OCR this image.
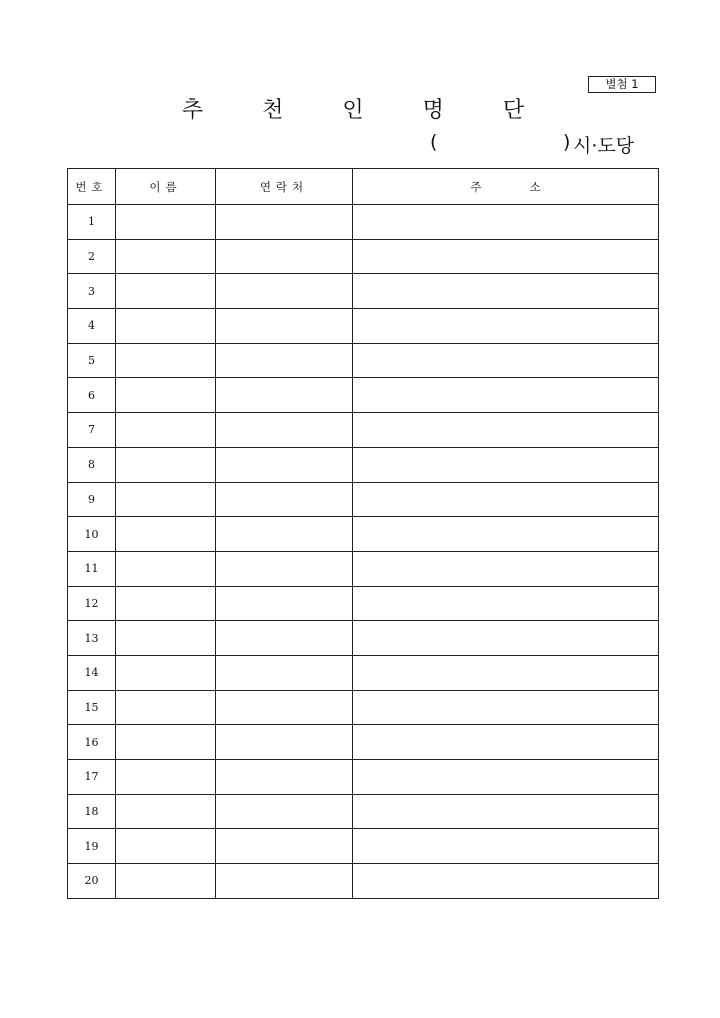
별첨 1
추 천 인 명 단
(	) 시·도당
번호	이름	연락처	주소
1			
2			
3			
4			
5			
6			
7			
8			
9			
10			
11			
12			
13			
14			
15			
16			
17			
18			
19			
20			
